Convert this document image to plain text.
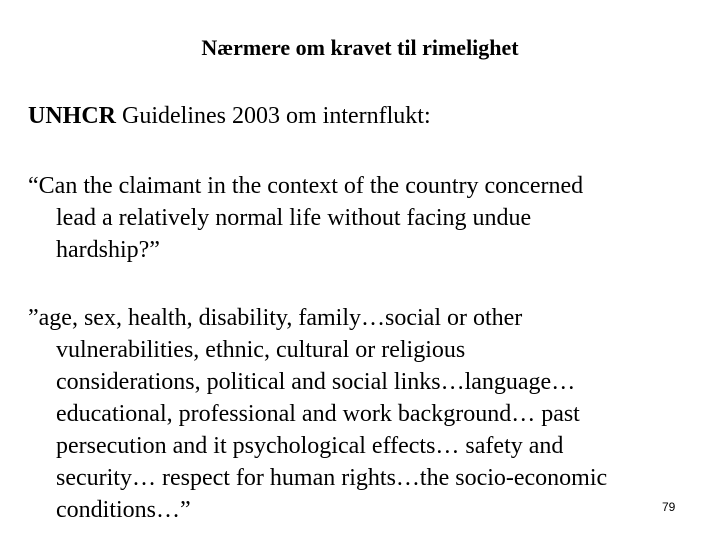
Nærmere om kravet til rimelighet

UNHCR Guidelines 2003 om internflukt:

“Can the claimant in the context of the country concerned
lead a relatively normal life without facing undue
hardship?”

”age, sex, health, disability, family…social or other
vulnerabilities, ethnic, cultural or religious
considerations, political and social links…language…
educational, professional and work background… past
persecution and it psychological effects… safety and
security… respect for human rights…the socio-economic
conditions…”	79
